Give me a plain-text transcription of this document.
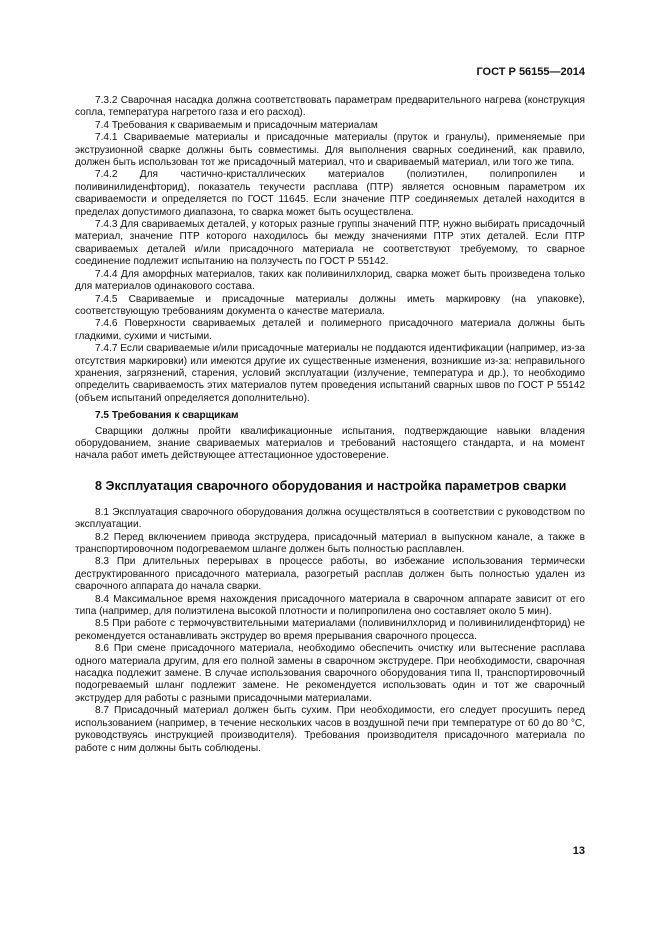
ГОСТ Р 56155—2014

7.3.2 Сварочная насадка должна соответствовать параметрам предварительного нагрева (конструкция сопла, температура нагретого газа и его расход).

7.4 Требования к свариваемым и присадочным материалам

7.4.1 Свариваемые материалы и присадочные материалы (пруток и гранулы), применяемые при экструзионной сварке должны быть совместимы. Для выполнения сварных соединений, как правило, должен быть использован тот же присадочный материал, что и свариваемый материал, или того же типа.

7.4.2 Для частично-кристаллических материалов (полиэтилен, полипропилен и поливинилиденфторид), показатель текучести расплава (ПТР) является основным параметром их свариваемости и определяется по ГОСТ 11645. Если значение ПТР соединяемых деталей находится в пределах допустимого диапазона, то сварка может быть осуществлена.

7.4.3 Для свариваемых деталей, у которых разные группы значений ПТР, нужно выбирать присадочный материал, значение ПТР которого находилось бы между значениями ПТР этих деталей. Если ПТР свариваемых деталей и/или присадочного материала не соответствуют требуемому, то сварное соединение подлежит испытанию на ползучесть по ГОСТ Р 55142.

7.4.4 Для аморфных материалов, таких как поливинилхлорид, сварка может быть произведена только для материалов одинакового состава.

7.4.5 Свариваемые и присадочные материалы должны иметь маркировку (на упаковке), соответствующую требованиям документа о качестве материала.

7.4.6 Поверхности свариваемых деталей и полимерного присадочного материала должны быть гладкими, сухими и чистыми.

7.4.7 Если свариваемые и/или присадочные материалы не поддаются идентификации (например, из-за отсутствия маркировки) или имеются другие их существенные изменения, возникшие из-за: неправильного хранения, загрязнений, старения, условий эксплуатации (излучение, температура и др.), то необходимо определить свариваемость этих материалов путем проведения испытаний сварных швов по ГОСТ Р 55142 (объем испытаний определяется дополнительно).

7.5 Требования к сварщикам

Сварщики должны пройти квалификационные испытания, подтверждающие навыки владения оборудованием, знание свариваемых материалов и требований настоящего стандарта, и на момент начала работ иметь действующее аттестационное удостоверение.

8 Эксплуатация сварочного оборудования и настройка параметров сварки

8.1 Эксплуатация сварочного оборудования должна осуществляться в соответствии с руководством по эксплуатации.

8.2 Перед включением привода экструдера, присадочный материал в выпускном канале, а также в транспортировочном подогреваемом шланге должен быть полностью расплавлен.

8.3 При длительных перерывах в процессе работы, во избежание использования термически деструктированного присадочного материала, разогретый расплав должен быть полностью удален из сварочного аппарата до начала сварки.

8.4 Максимальное время нахождения присадочного материала в сварочном аппарате зависит от его типа (например, для полиэтилена высокой плотности и полипропилена оно составляет около 5 мин).

8.5 При работе с термочувствительными материалами (поливинилхлорид и поливинилиденфторид) не рекомендуется останавливать экструдер во время прерывания сварочного процесса.

8.6 При смене присадочного материала, необходимо обеспечить очистку или вытеснение расплава одного материала другим, для его полной замены в сварочном экструдере. При необходимости, сварочная насадка подлежит замене. В случае использования сварочного оборудования типа II, транспортировочный подогреваемый шланг подлежит замене. Не рекомендуется использовать один и тот же сварочный экструдер для работы с разными присадочными материалами.

8.7 Присадочный материал должен быть сухим. При необходимости, его следует просушить перед использованием (например, в течение нескольких часов в воздушной печи при температуре от 60 до 80 °С, руководствуясь инструкцией производителя). Требования производителя присадочного материала по работе с ним должны быть соблюдены.

13
